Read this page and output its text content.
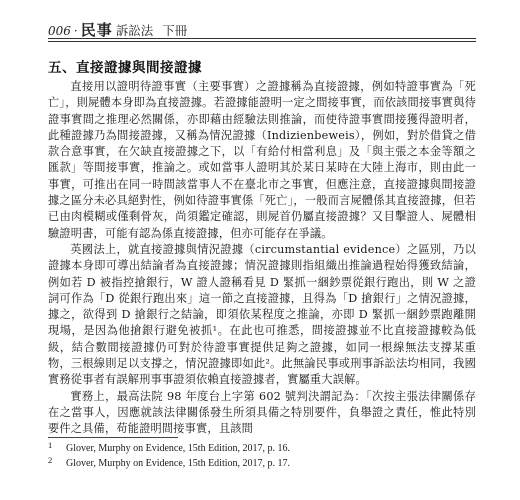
006 · 民事 訴訟法 下冊
五、直接證據與間接證據

直接用以證明待證事實（主要事實）之證據稱為直接證據，例如特證事實為「死亡」，則屍體本身即為直接證據。若證據能證明一定之間接事實，而依該間接事實與待證事實間之推理必然關係，亦即藉由經驗法則推論，而使待證事實間接獲得證明者，此種證據乃為間接證據，又稱為情況證據（Indizienbeweis），例如，對於借貸之借款合意事實，在欠缺直接證據之下，以「有給付相當利息」及「與主張之本金等額之匯款」等間接事實，推論之。或如當事人證明其於某日某時在大陸上海市，則由此一事實，可推出在同一時間該當事人不在臺北市之事實，但應注意，直接證據與間接證據之區分未必具絕對性，例如待證事實係「死亡」，一般而言屍體係其直接證據，但若已由肉模糊或僅剩骨灰，尚須鑑定確認，則屍首仍屬直接證據？又目擊證人、屍體相驗證明書，可能有認為係直接證據，但亦可能存在爭議。

英國法上，就直接證據與情況證據（circumstantial evidence）之區別，乃以證據本身即可導出結論者為直接證據；情況證據則指組織出推論過程始得獲致結論，例如若 D 被指控搶銀行，W 證人證稱看見 D 緊抓一綑鈔票從銀行跑出，則 W 之證詞可作為「D 從銀行跑出來」這一節之直接證據，且得為「D 搶銀行」之情況證據，據之，欲得到 D 搶銀行之結論，即須依某程度之推論，亦即 D 緊抓一綑鈔票跑離開現場，是因為他搶銀行避免被抓¹。在此也可推悉，間接證據並不比直接證據較為低級，結合數間接證據仍可對於待證事實提供足夠之證據，如同一根線無法支撐某重物，三根線則足以支撐之，情況證據即如此²。此無論民事或刑事訴訟法均相同，我國實務從事者有誤解刑事事證須依賴直接證據者，實屬重大誤解。

實務上，最高法院 98 年度台上字第 602 號判決謂記為：「次按主張法律關係存在之當事人，因應就該法律關係發生所須具備之特別要件，負舉證之責任，惟此特別要件之具備，苟能證明間接事實，且該間

1	Glover, Murphy on Evidence, 15th Edition, 2017, p. 16.
2	Glover, Murphy on Evidence, 15th Edition, 2017, p. 17.
